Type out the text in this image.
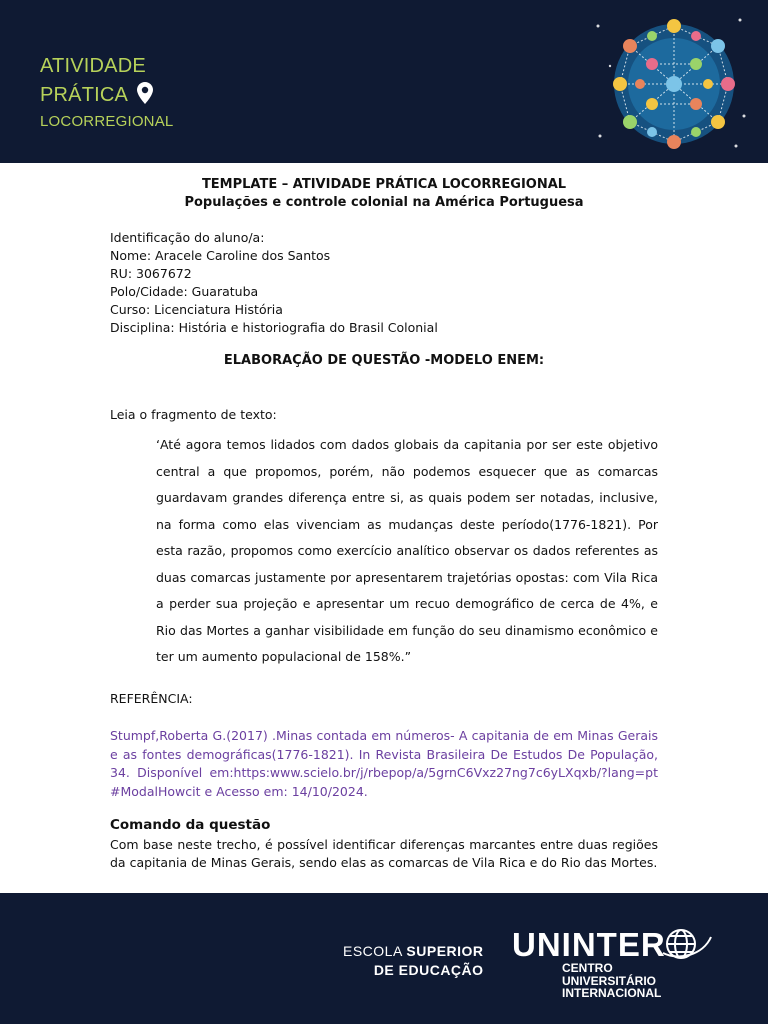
ATIVIDADE
PRÁTICA
LOCORREGIONAL
TEMPLATE – ATIVIDADE PRÁTICA LOCORREGIONAL
Populações e controle colonial na América Portuguesa
Identificação do aluno/a:
Nome: Aracele Caroline dos Santos
RU: 3067672
Polo/Cidade: Guaratuba
Curso: Licenciatura História
Disciplina: História e historiografia do Brasil Colonial
ELABORAÇÃO DE QUESTÃO -MODELO ENEM:
Leia o fragmento de texto:
‘Até agora temos lidados com dados globais da capitania por ser este objetivo central a que propomos, porém, não podemos esquecer que as comarcas guardavam grandes diferença entre si, as quais podem ser notadas, inclusive, na forma como elas vivenciam as mudanças deste período(1776-1821). Por esta razão, propomos como exercício analítico observar os dados referentes as duas comarcas justamente por apresentarem trajetórias opostas: com Vila Rica a perder sua projeção e apresentar um recuo demográfico de cerca de 4%, e Rio das Mortes a ganhar visibilidade em função do seu dinamismo econômico e ter um aumento populacional de 158%.”
REFERÊNCIA:
Stumpf,Roberta G.(2017) .Minas contada em números- A capitania de em Minas Gerais e as fontes demográficas(1776-1821). In Revista Brasileira De Estudos De População, 34. Disponível em:https:www.scielo.br/j/rbepop/a/5grnC6Vxz27ng7c6yLXqxb/?lang=pt #ModalHowcit e Acesso em: 14/10/2024.
Comando da questão
Com base neste trecho, é possível identificar diferenças marcantes entre duas regiões da capitania de Minas Gerais, sendo elas as comarcas de Vila Rica e do Rio das Mortes.
ESCOLA SUPERIOR
DE EDUCAÇÃO
UNINTER
CENTRO
UNIVERSITÁRIO
INTERNACIONAL
